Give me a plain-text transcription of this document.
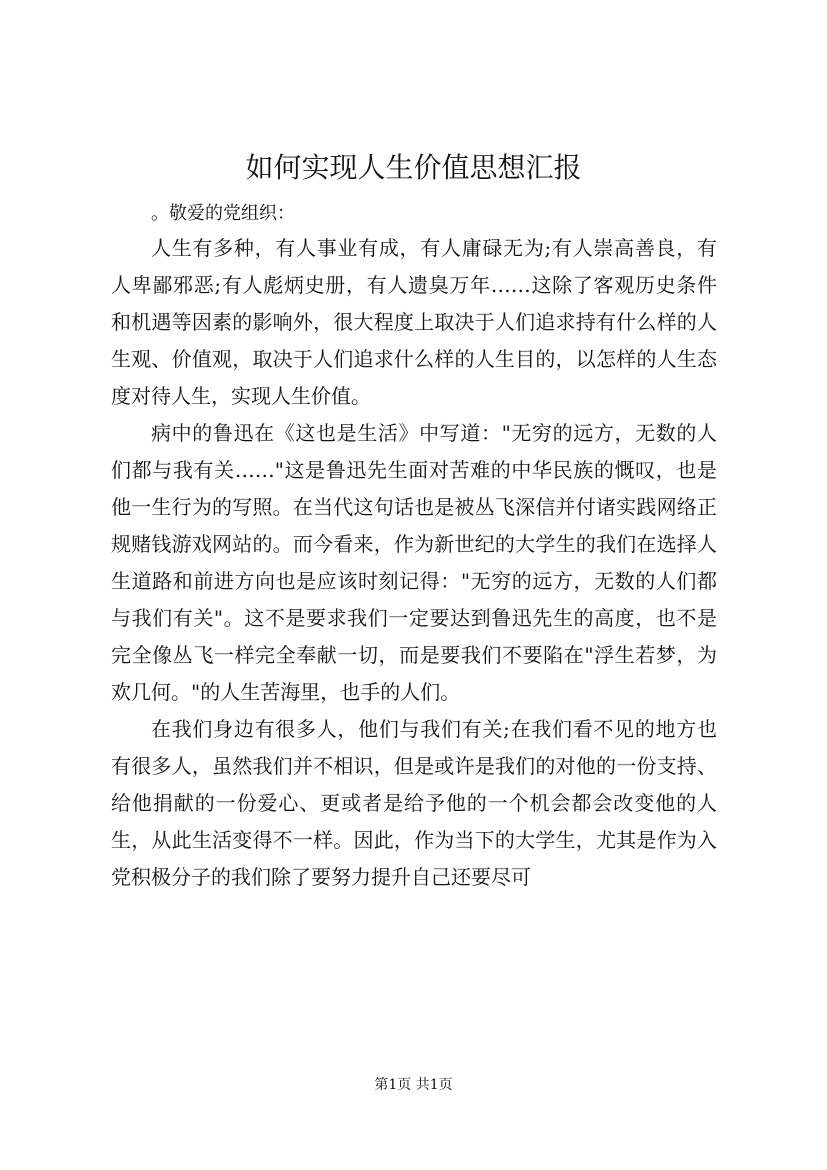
如何实现人生价值思想汇报

。敬爱的党组织：

人生有多种，有人事业有成，有人庸碌无为;有人崇高善良，有人卑鄙邪恶;有人彪炳史册，有人遗臭万年……这除了客观历史条件和机遇等因素的影响外，很大程度上取决于人们追求持有什么样的人生观、价值观，取决于人们追求什么样的人生目的，以怎样的人生态度对待人生，实现人生价值。

病中的鲁迅在《这也是生活》中写道："无穷的远方，无数的人们都与我有关……"这是鲁迅先生面对苦难的中华民族的慨叹，也是他一生行为的写照。在当代这句话也是被丛飞深信并付诸实践网络正规赌钱游戏网站的。而今看来，作为新世纪的大学生的我们在选择人生道路和前进方向也是应该时刻记得："无穷的远方，无数的人们都与我们有关"。这不是要求我们一定要达到鲁迅先生的高度，也不是完全像丛飞一样完全奉献一切，而是要我们不要陷在"浮生若梦，为欢几何。"的人生苦海里，也手的人们。

在我们身边有很多人，他们与我们有关;在我们看不见的地方也有很多人，虽然我们并不相识，但是或许是我们的对他的一份支持、给他捐献的一份爱心、更或者是给予他的一个机会都会改变他的人生，从此生活变得不一样。因此，作为当下的大学生，尤其是作为入党积极分子的我们除了要努力提升自己还要尽可

第1页 共1页
